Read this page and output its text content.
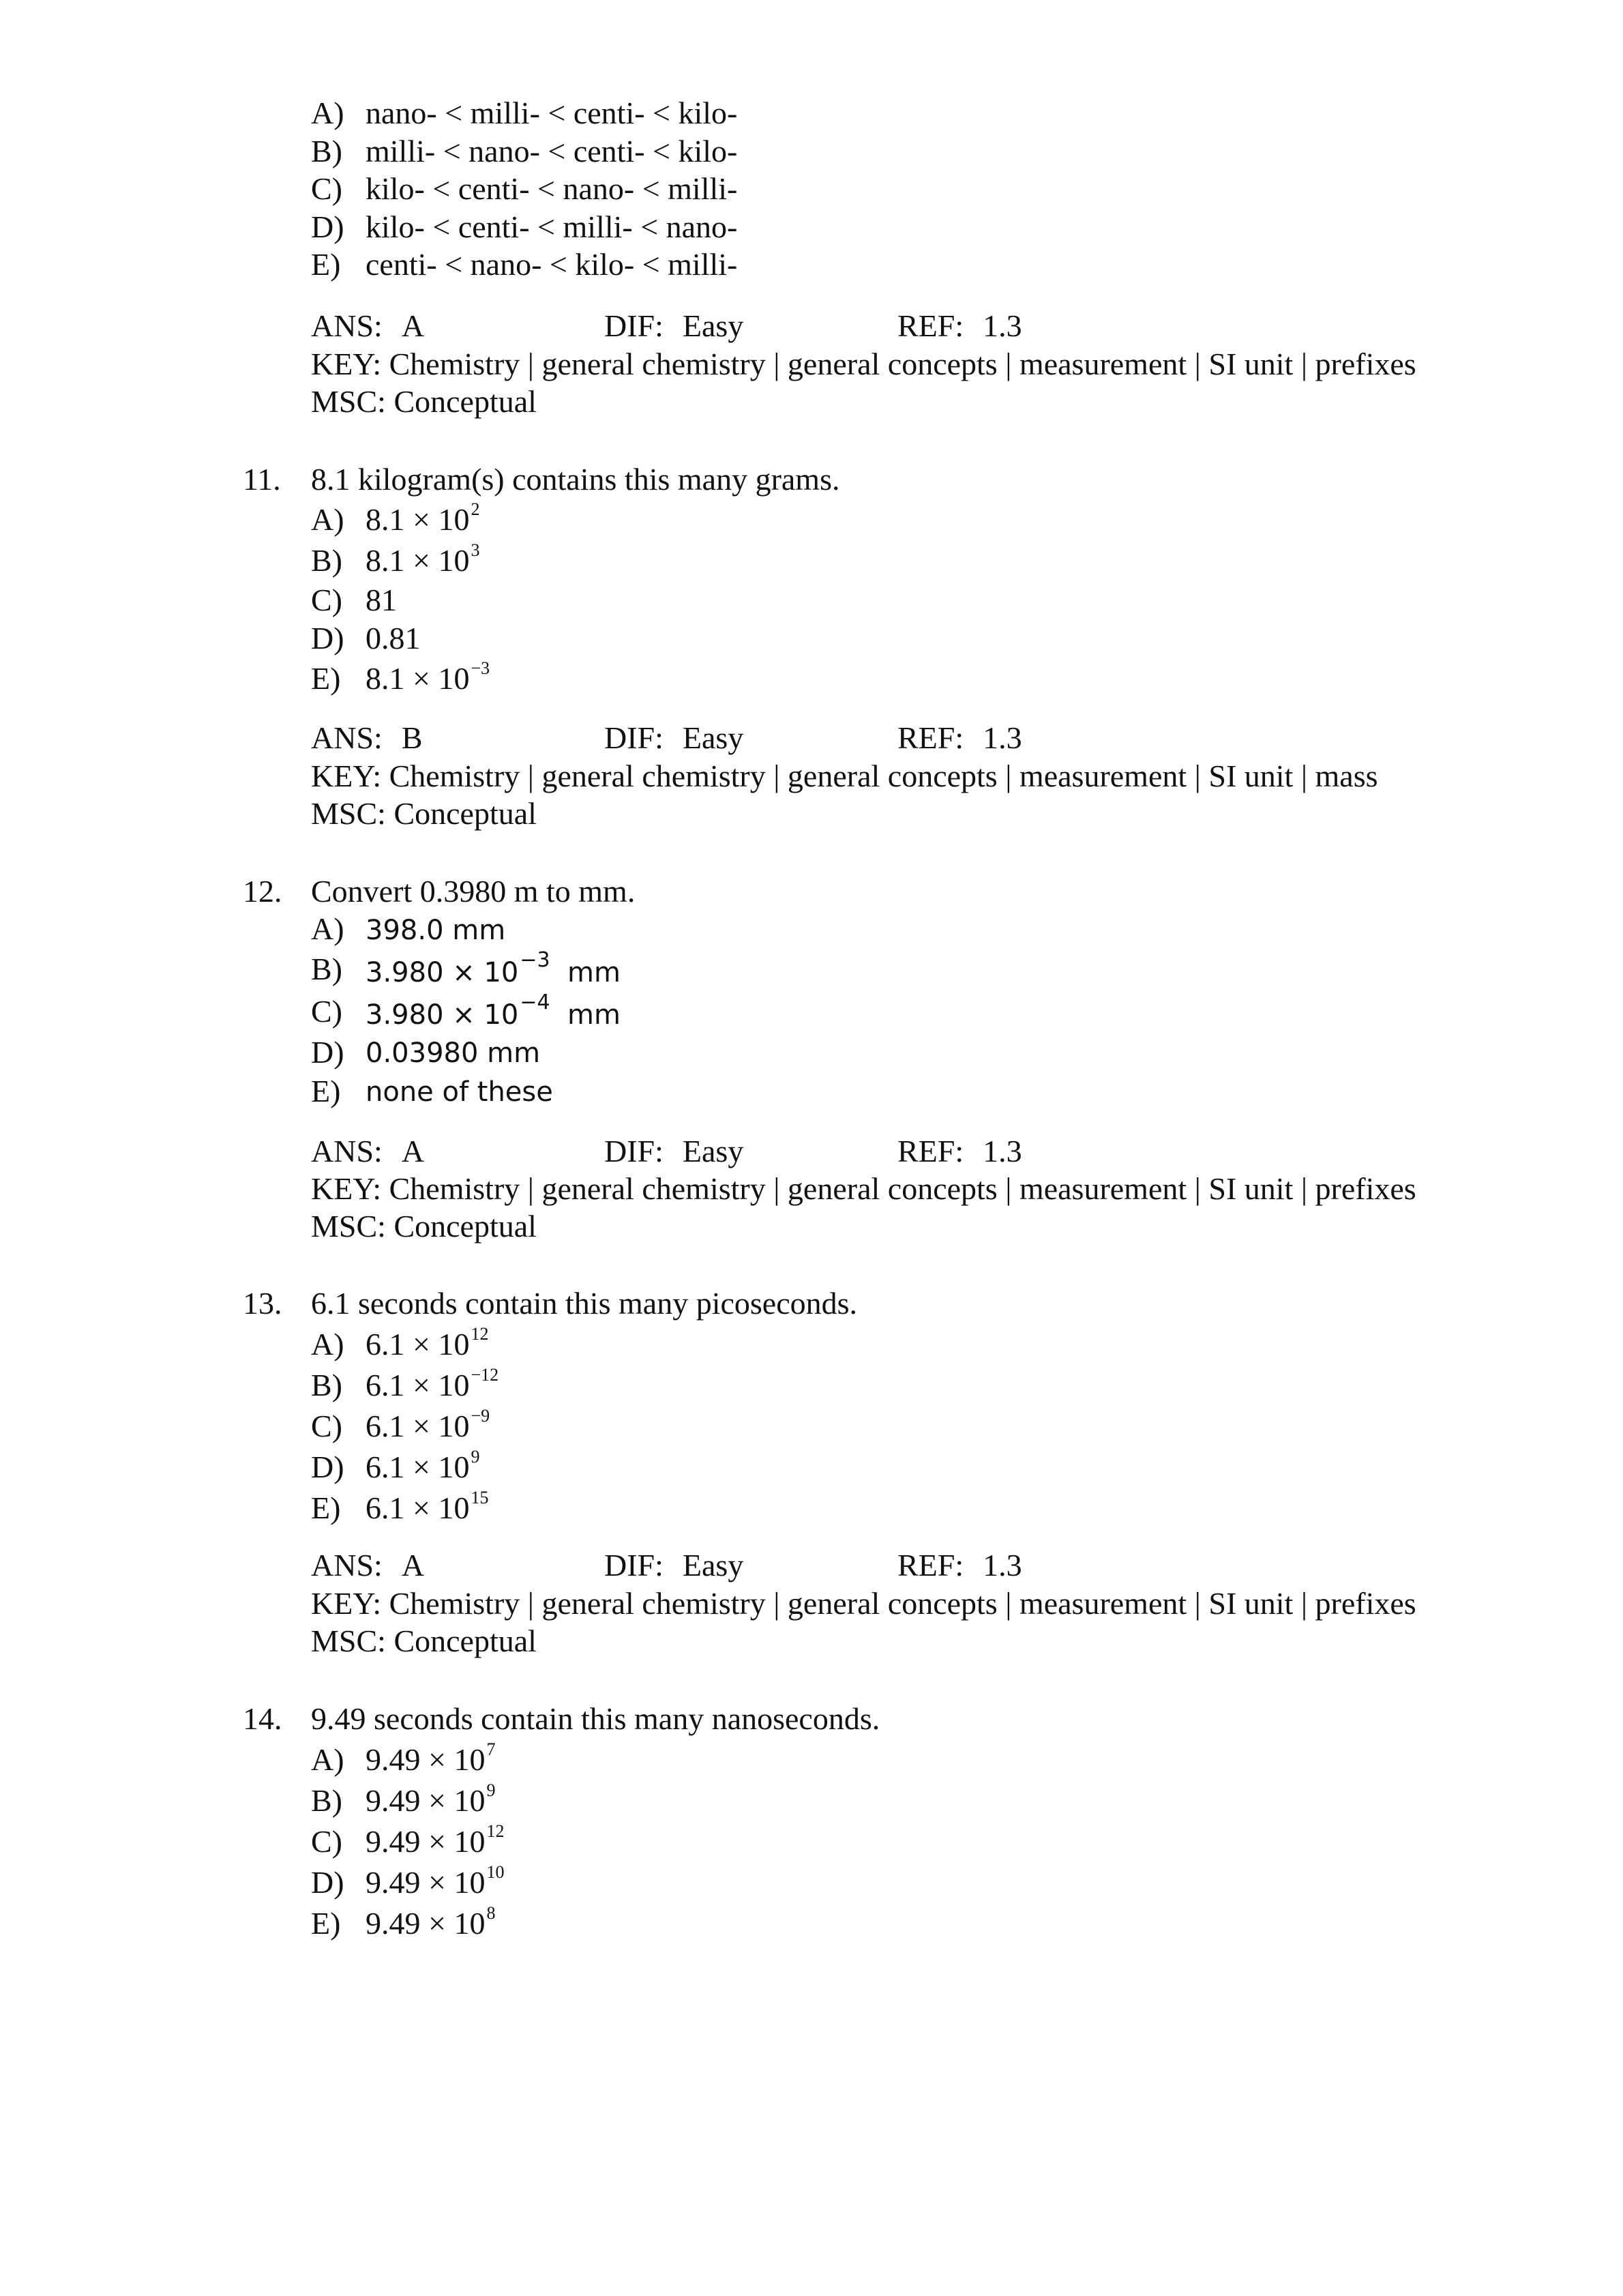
A) nano- < milli- < centi- < kilo-
B) milli- < nano- < centi- < kilo-
C) kilo- < centi- < nano- < milli-
D) kilo- < centi- < milli- < nano-
E) centi- < nano- < kilo- < milli-
ANS: A	DIF: Easy	REF: 1.3
KEY: Chemistry | general chemistry | general concepts | measurement | SI unit | prefixes
MSC: Conceptual
11. 8.1 kilogram(s) contains this many grams.
A) $8.1 \times 10^2$
B) $8.1 \times 10^3$
C) 81
D) 0.81
E) $8.1 \times 10^{-3}$
ANS: B	DIF: Easy	REF: 1.3
KEY: Chemistry | general chemistry | general concepts | measurement | SI unit | mass
MSC: Conceptual
12. Convert 0.3980 m to mm.
A) 398.0 mm
B) $3.980 \times 10^{-3}$ mm
C) $3.980 \times 10^{-4}$ mm
D) 0.03980 mm
E) none of these
ANS: A	DIF: Easy	REF: 1.3
KEY: Chemistry | general chemistry | general concepts | measurement | SI unit | prefixes
MSC: Conceptual
13. 6.1 seconds contain this many picoseconds.
A) $6.1 \times 10^{12}$
B) $6.1 \times 10^{-12}$
C) $6.1 \times 10^{-9}$
D) $6.1 \times 10^9$
E) $6.1 \times 10^{15}$
ANS: A	DIF: Easy	REF: 1.3
KEY: Chemistry | general chemistry | general concepts | measurement | SI unit | prefixes
MSC: Conceptual
14. 9.49 seconds contain this many nanoseconds.
A) $9.49 \times 10^7$
B) $9.49 \times 10^9$
C) $9.49 \times 10^{12}$
D) $9.49 \times 10^{10}$
E) $9.49 \times 10^8$
